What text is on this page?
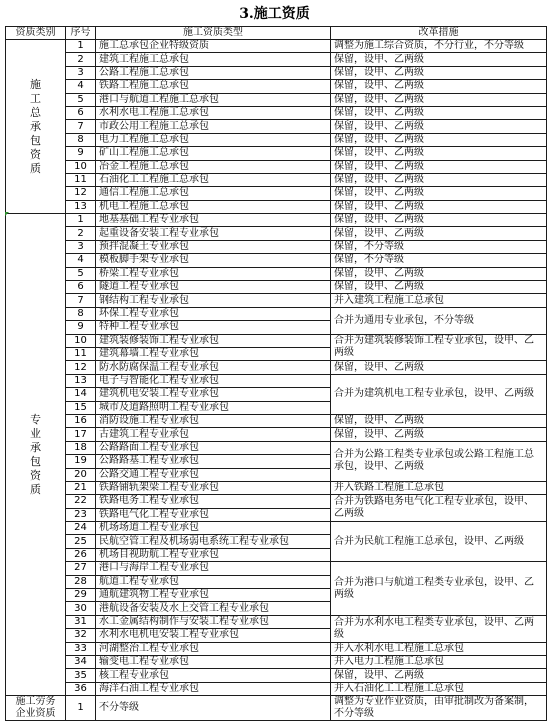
3.施工资质
资质类别	序号	施工资质类型	改革措施
施工总承包资质	1	施工总承包企业特级资质	调整为施工综合资质，不分行业，不分等级
	2	建筑工程施工总承包	保留，设甲、乙两级
	3	公路工程施工总承包	保留，设甲、乙两级
	4	铁路工程施工总承包	保留，设甲、乙两级
	5	港口与航道工程施工总承包	保留，设甲、乙两级
	6	水利水电工程施工总承包	保留，设甲、乙两级
	7	市政公用工程施工总承包	保留，设甲、乙两级
	8	电力工程施工总承包	保留，设甲、乙两级
	9	矿山工程施工总承包	保留，设甲、乙两级
	10	冶金工程施工总承包	保留，设甲、乙两级
	11	石油化工工程施工总承包	保留，设甲、乙两级
	12	通信工程施工总承包	保留，设甲、乙两级
	13	机电工程施工总承包	保留，设甲、乙两级
专业承包资质	1	地基基础工程专业承包	保留，设甲、乙两级
	2	起重设备安装工程专业承包	保留，设甲、乙两级
	3	预拌混凝土专业承包	保留，不分等级
	4	模板脚手架专业承包	保留，不分等级
	5	桥梁工程专业承包	保留，设甲、乙两级
	6	隧道工程专业承包	保留，设甲、乙两级
	7	钢结构工程专业承包	并入建筑工程施工总承包
	8	环保工程专业承包	合并为通用专业承包，不分等级
	9	特种工程专业承包	
	10	建筑装修装饰工程专业承包	合并为建筑装修装饰工程专业承包，设甲、乙两级
	11	建筑幕墙工程专业承包	
	12	防水防腐保温工程专业承包	保留，设甲、乙两级
	13	电子与智能化工程专业承包	合并为建筑机电工程专业承包，设甲、乙两级
	14	建筑机电安装工程专业承包	
	15	城市及道路照明工程专业承包	
	16	消防设施工程专业承包	保留，设甲、乙两级
	17	古建筑工程专业承包	保留，设甲、乙两级
	18	公路路面工程专业承包	合并为公路工程类专业承包或公路工程施工总承包，设甲、乙两级
	19	公路路基工程专业承包	
	20	公路交通工程专业承包	
	21	铁路铺轨架梁工程专业承包	并入铁路工程施工总承包
	22	铁路电务工程专业承包	合并为铁路电务电气化工程专业承包，设甲、乙两级
	23	铁路电气化工程专业承包	
	24	机场场道工程专业承包	合并为民航工程施工总承包，设甲、乙两级
	25	民航空管工程及机场弱电系统工程专业承包	
	26	机场目视助航工程专业承包	
	27	港口与海岸工程专业承包	合并为港口与航道工程类专业承包，设甲、乙两级
	28	航道工程专业承包	
	29	通航建筑物工程专业承包	
	30	港航设备安装及水上交管工程专业承包	
	31	水工金属结构制作与安装工程专业承包	合并为水利水电工程类专业承包，设甲、乙两级
	32	水利水电机电安装工程专业承包	
	33	河湖整治工程专业承包	并入水利水电工程施工总承包
	34	输变电工程专业承包	并入电力工程施工总承包
	35	核工程专业承包	保留，设甲、乙两级
	36	海洋石油工程专业承包	并入石油化工工程施工总承包
施工劳务企业资质	1	不分等级	调整为专业作业资质，由审批制改为备案制，不分等级
